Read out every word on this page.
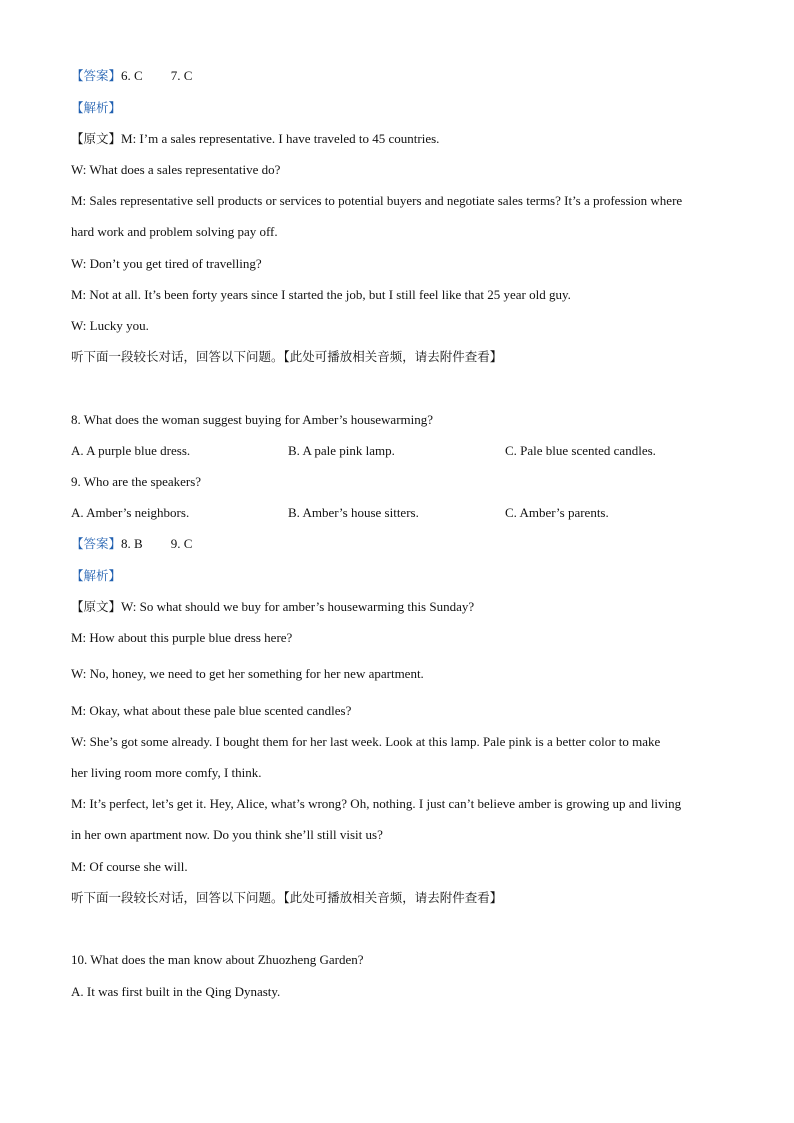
【答案】6. C 7. C
【解析】
【原文】M: I’m a sales representative. I have traveled to 45 countries.
W: What does a sales representative do?
M: Sales representative sell products or services to potential buyers and negotiate sales terms? It’s a profession where
hard work and problem solving pay off.
W: Don’t you get tired of travelling?
M: Not at all. It’s been forty years since I started the job, but I still feel like that 25 year old guy.
W: Lucky you.
听下面一段较长对话，回答以下问题。【此处可播放相关音频，请去附件查看】
8. What does the woman suggest buying for Amber’s housewarming?
A. A purple blue dress.	B. A pale pink lamp.	C. Pale blue scented candles.
9. Who are the speakers?
A. Amber’s neighbors.	B. Amber’s house sitters.	C. Amber’s parents.
【答案】8. B 9. C
【解析】
【原文】W: So what should we buy for amber’s housewarming this Sunday?
M: How about this purple blue dress here?
W: No, honey, we need to get her something for her new apartment.
M: Okay, what about these pale blue scented candles?
W: She’s got some already. I bought them for her last week. Look at this lamp. Pale pink is a better color to make
her living room more comfy, I think.
M: It’s perfect, let’s get it. Hey, Alice, what’s wrong? Oh, nothing. I just can’t believe amber is growing up and living
in her own apartment now. Do you think she’ll still visit us?
M: Of course she will.
听下面一段较长对话，回答以下问题。【此处可播放相关音频，请去附件查看】
10. What does the man know about Zhuozheng Garden?
A. It was first built in the Qing Dynasty.
